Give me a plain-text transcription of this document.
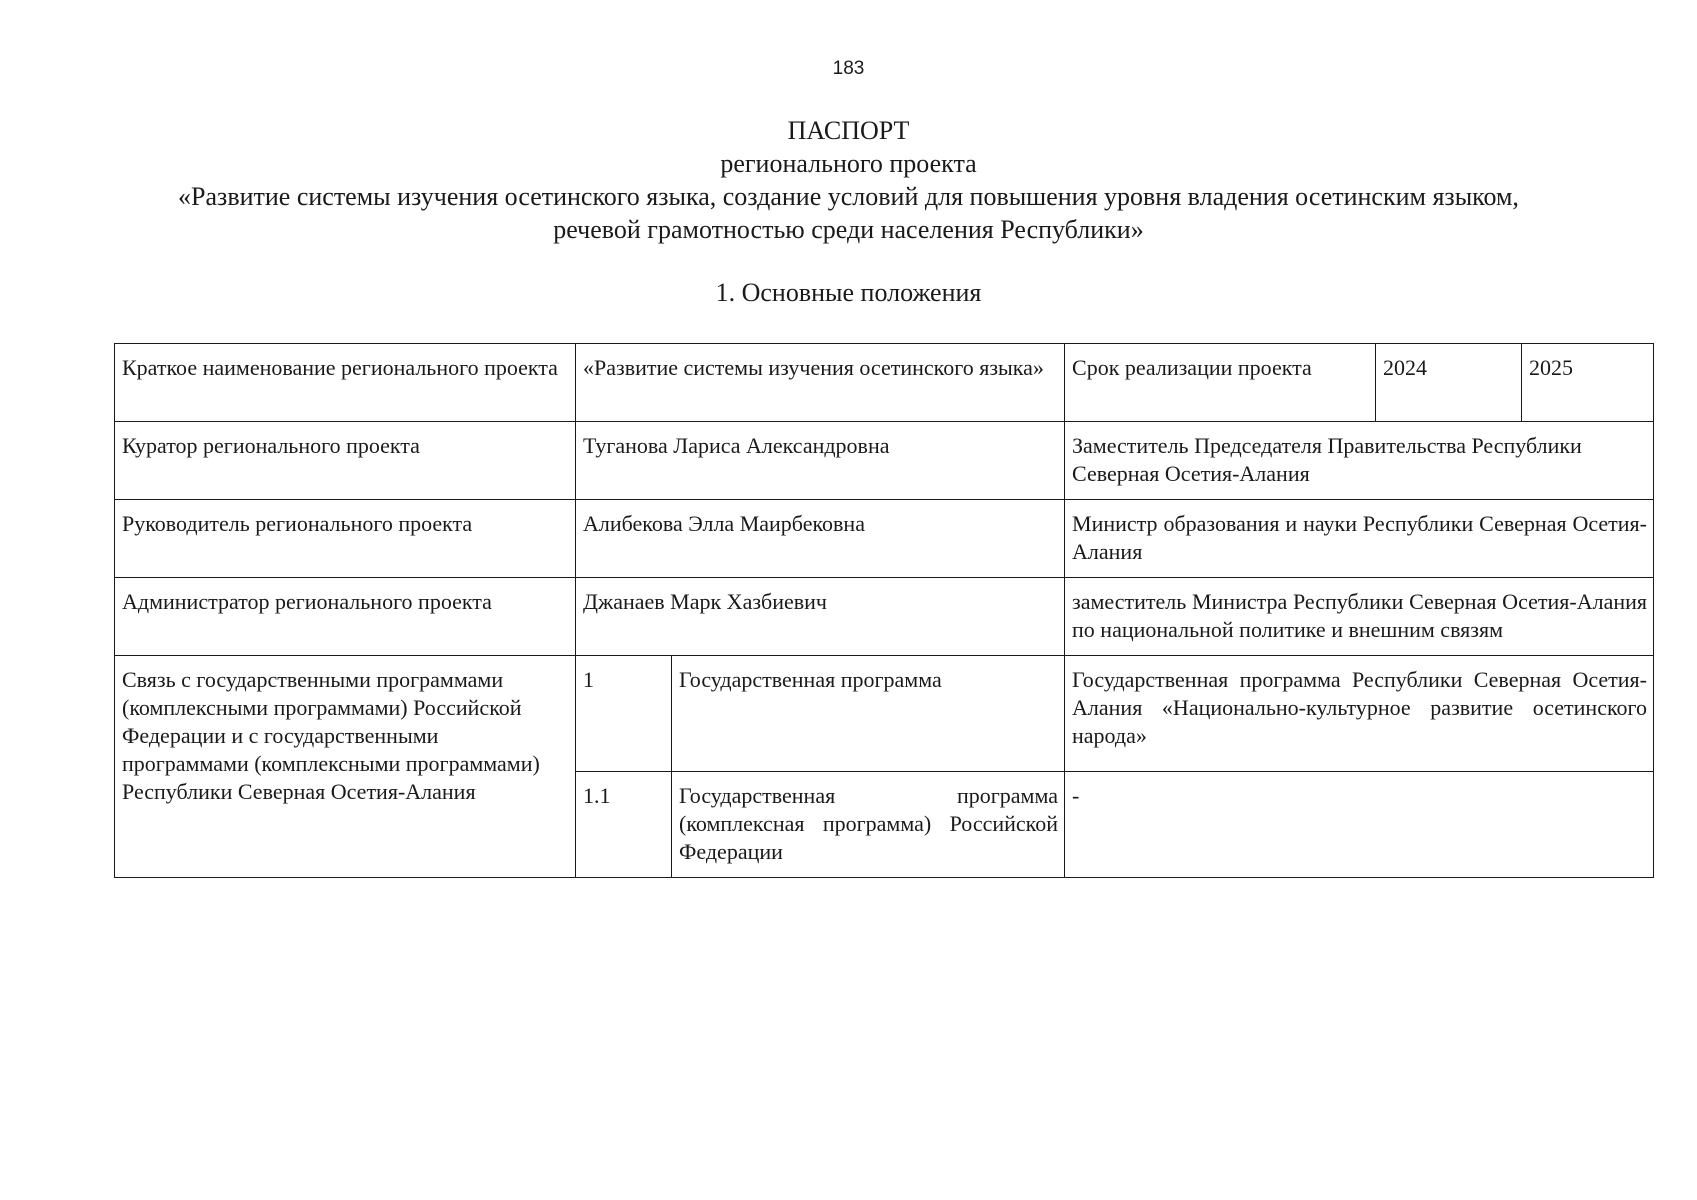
183
ПАСПОРТ
регионального проекта
«Развитие системы изучения осетинского языка, создание условий для повышения уровня владения осетинским языком,
речевой грамотностью среди населения Республики»
1. Основные положения
Краткое наименование регионального проекта	«Развитие системы изучения осетинского языка»		Срок реализации проекта	2024	2025
Куратор регионального проекта	Туганова Лариса Александровна		Заместитель Председателя Правительства Республики Северная Осетия-Алания		
Руководитель регионального проекта	Алибекова Элла Маирбековна		Министр образования и науки Республики Северная Осетия-Алания		
Администратор регионального проекта	Джанаев Марк Хазбиевич		заместитель Министра Республики Северная Осетия-Алания по национальной политике и внешним связям		
Связь с государственными программами (комплексными программами) Российской Федерации и с государственными программами (комплексными программами) Республики Северная Осетия-Алания	1	Государственная программа	Государственная программа Республики Северная Осетия-Алания «Национально-культурное развитие осетинского народа»		
	1.1	Государственная программа (комплексная программа) Российской Федерации	-		
